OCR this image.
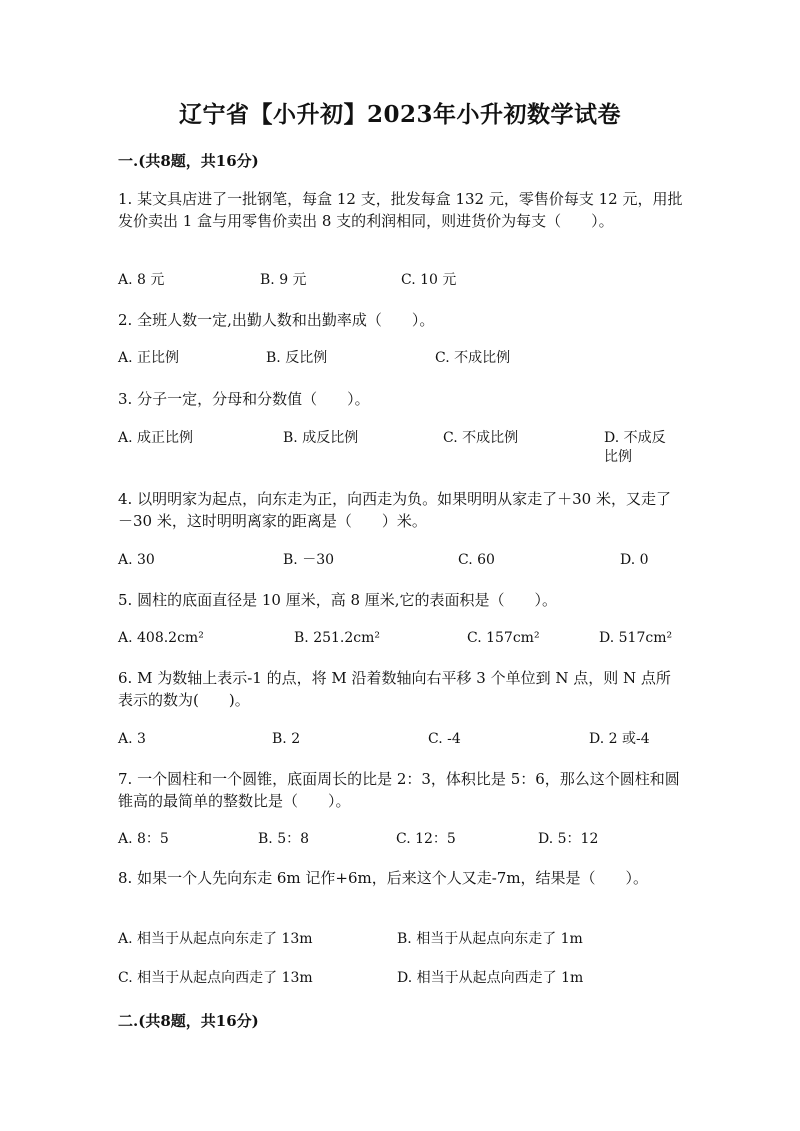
辽宁省【小升初】2023年小升初数学试卷
一.(共8题，共16分)
1. 某文具店进了一批钢笔，每盒 12 支，批发每盒 132 元，零售价每支 12 元，用批发价卖出 1 盒与用零售价卖出 8 支的利润相同，则进货价为每支（　　）。
A. 8 元	B. 9 元	C. 10 元
2. 全班人数一定,出勤人数和出勤率成（　　）。
A. 正比例	B. 反比例	C. 不成比例
3. 分子一定，分母和分数值（　　）。
A. 成正比例	B. 成反比例	C. 不成比例	D. 不成反比例
4. 以明明家为起点，向东走为正，向西走为负。如果明明从家走了＋30 米，又走了－30 米，这时明明离家的距离是（　　）米。
A. 30	B. －30	C. 60	D. 0
5. 圆柱的底面直径是 10 厘米，高 8 厘米,它的表面积是（　　）。
A. 408.2cm²	B. 251.2cm²	C. 157cm²	D. 517cm²
6. M 为数轴上表示-1 的点，将 M 沿着数轴向右平移 3 个单位到 N 点，则 N 点所表示的数为(　　)。
A. 3	B. 2	C. -4	D. 2 或-4
7. 一个圆柱和一个圆锥，底面周长的比是 2：3，体积比是 5：6，那么这个圆柱和圆锥高的最简单的整数比是（　　）。
A. 8：5	B. 5：8	C. 12：5	D. 5：12
8. 如果一个人先向东走 6m 记作+6m，后来这个人又走-7m，结果是（　　）。
A. 相当于从起点向东走了 13m	B. 相当于从起点向东走了 1m
C. 相当于从起点向西走了 13m	D. 相当于从起点向西走了 1m
二.(共8题，共16分)
